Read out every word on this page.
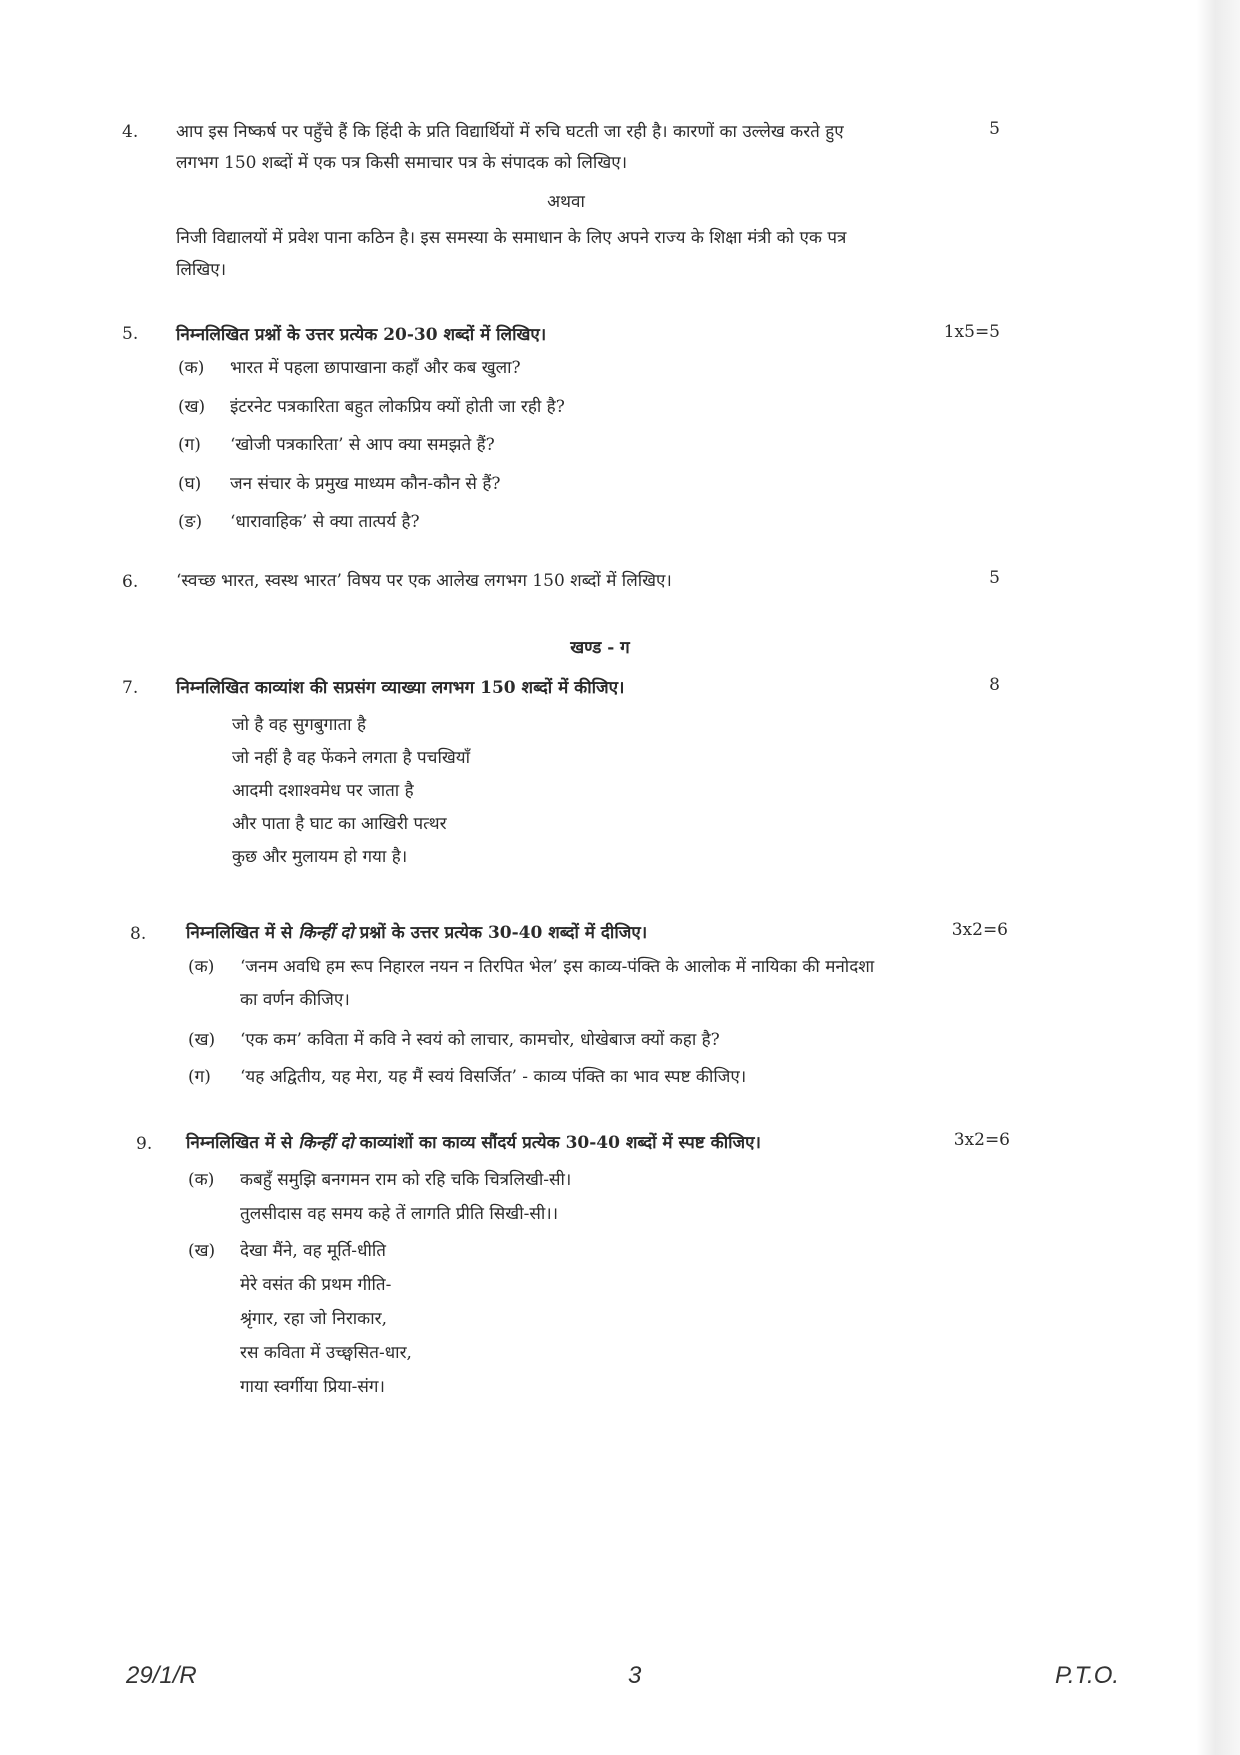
4.	5
आप इस निष्कर्ष पर पहुँचे हैं कि हिंदी के प्रति विद्यार्थियों में रुचि घटती जा रही है। कारणों का उल्लेख करते हुए
लगभग 150 शब्दों में एक पत्र किसी समाचार पत्र के संपादक को लिखिए।
अथवा
निजी विद्यालयों में प्रवेश पाना कठिन है। इस समस्या के समाधान के लिए अपने राज्य के शिक्षा मंत्री को एक पत्र
लिखिए।
5.	1x5=5
निम्नलिखित प्रश्नों के उत्तर प्रत्येक 20-30 शब्दों में लिखिए।
(क) भारत में पहला छापाखाना कहाँ और कब खुला?
(ख) इंटरनेट पत्रकारिता बहुत लोकप्रिय क्यों होती जा रही है?
(ग) ‘खोजी पत्रकारिता’ से आप क्या समझते हैं?
(घ) जन संचार के प्रमुख माध्यम कौन-कौन से हैं?
(ङ) ‘धारावाहिक’ से क्या तात्पर्य है?
6.	5
‘स्वच्छ भारत, स्वस्थ भारत’ विषय पर एक आलेख लगभग 150 शब्दों में लिखिए।
खण्ड - ग
7.	8
निम्नलिखित काव्यांश की सप्रसंग व्याख्या लगभग 150 शब्दों में कीजिए।
जो है वह सुगबुगाता है
जो नहीं है वह फेंकने लगता है पचखियाँ
आदमी दशाश्वमेध पर जाता है
और पाता है घाट का आखिरी पत्थर
कुछ और मुलायम हो गया है।
8.	3x2=6
निम्नलिखित में से किन्हीं दो प्रश्नों के उत्तर प्रत्येक 30-40 शब्दों में दीजिए।
(क) ‘जनम अवधि हम रूप निहारल नयन न तिरपित भेल’ इस काव्य-पंक्ति के आलोक में नायिका की मनोदशा
का वर्णन कीजिए।
(ख) ‘एक कम’ कविता में कवि ने स्वयं को लाचार, कामचोर, धोखेबाज क्यों कहा है?
(ग) ‘यह अद्वितीय, यह मेरा, यह मैं स्वयं विसर्जित’ - काव्य पंक्ति का भाव स्पष्ट कीजिए।
9.	3x2=6
निम्नलिखित में से किन्हीं दो काव्यांशों का काव्य सौंदर्य प्रत्येक 30-40 शब्दों में स्पष्ट कीजिए।
(क) कबहुँ समुझि बनगमन राम को रहि चकि चित्रलिखी-सी।
तुलसीदास वह समय कहे तें लागति प्रीति सिखी-सी।।
(ख) देखा मैंने, वह मूर्ति-धीति
मेरे वसंत की प्रथम गीति-
श्रृंगार, रहा जो निराकार,
रस कविता में उच्छ्वसित-धार,
गाया स्वर्गीया प्रिया-संग।
29/1/R	3	P.T.O.
